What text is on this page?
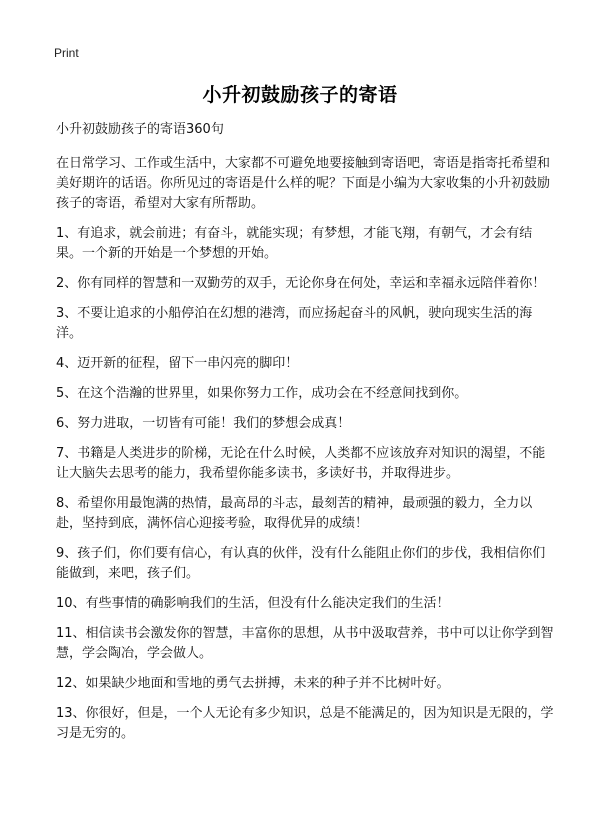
Print
小升初鼓励孩子的寄语

小升初鼓励孩子的寄语360句

在日常学习、工作或生活中，大家都不可避免地要接触到寄语吧，寄语是指寄托希望和美好期许的话语。你所见过的寄语是什么样的呢？下面是小编为大家收集的小升初鼓励孩子的寄语，希望对大家有所帮助。

1、有追求，就会前进；有奋斗，就能实现；有梦想，才能飞翔，有朝气，才会有结果。一个新的开始是一个梦想的开始。

2、你有同样的智慧和一双勤劳的双手，无论你身在何处，幸运和幸福永远陪伴着你！

3、不要让追求的小船停泊在幻想的港湾，而应扬起奋斗的风帆，驶向现实生活的海洋。

4、迈开新的征程，留下一串闪亮的脚印！

5、在这个浩瀚的世界里，如果你努力工作，成功会在不经意间找到你。

6、努力进取，一切皆有可能！我们的梦想会成真！

7、书籍是人类进步的阶梯，无论在什么时候，人类都不应该放弃对知识的渴望，不能让大脑失去思考的能力，我希望你能多读书，多读好书，并取得进步。

8、希望你用最饱满的热情，最高昂的斗志，最刻苦的精神，最顽强的毅力，全力以赴，坚持到底，满怀信心迎接考验，取得优异的成绩！

9、孩子们，你们要有信心，有认真的伙伴，没有什么能阻止你们的步伐，我相信你们能做到，来吧，孩子们。

10、有些事情的确影响我们的生活，但没有什么能决定我们的生活！

11、相信读书会激发你的智慧，丰富你的思想，从书中汲取营养，书中可以让你学到智慧，学会陶冶，学会做人。

12、如果缺少地面和雪地的勇气去拼搏，未来的种子并不比树叶好。

13、你很好，但是，一个人无论有多少知识，总是不能满足的，因为知识是无限的，学习是无穷的。
